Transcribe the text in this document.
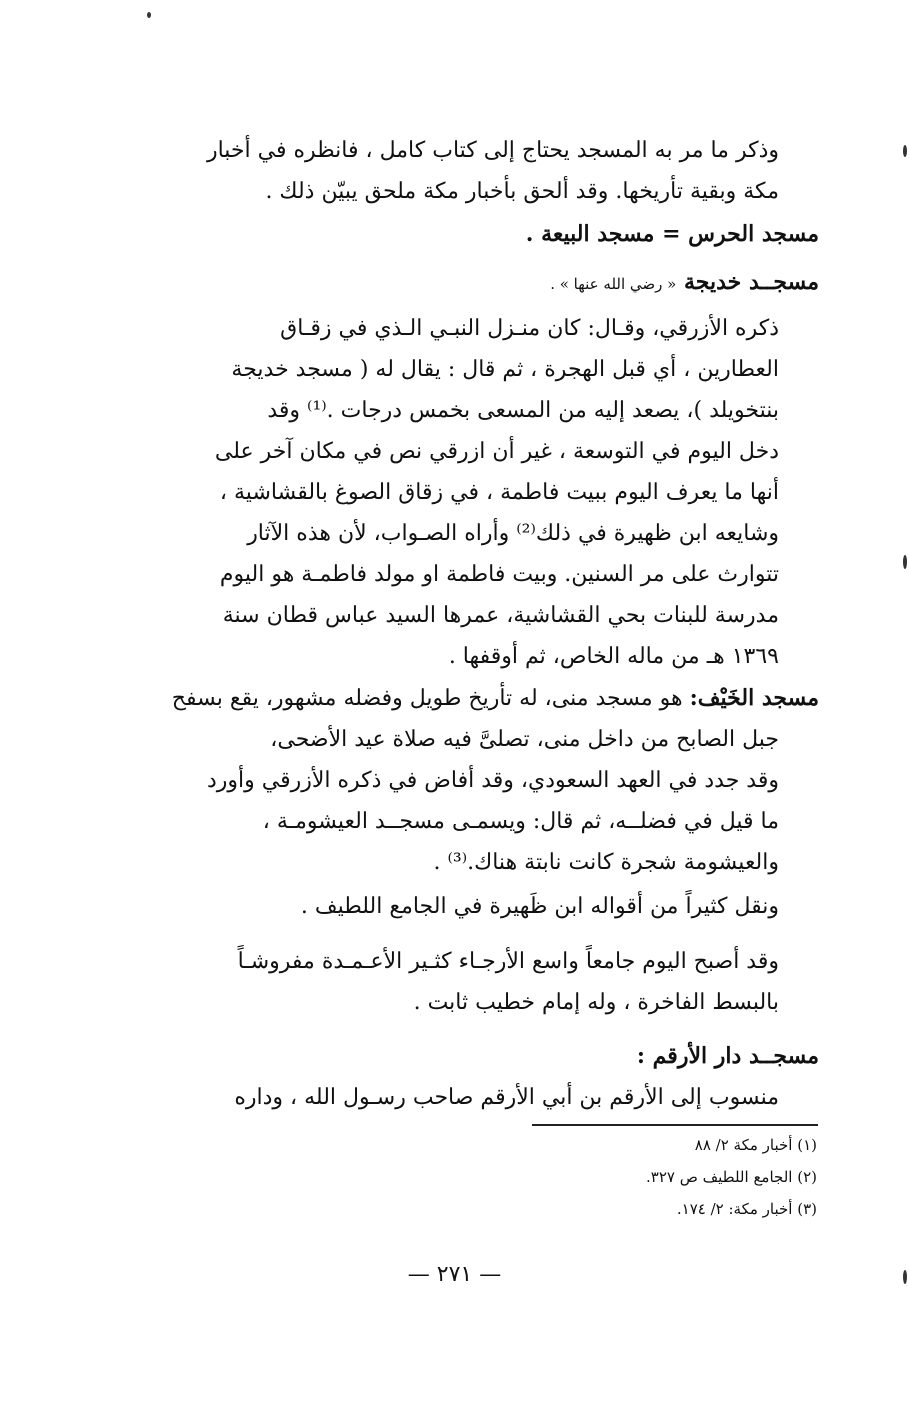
وذكر ما مر به المسجد يحتاج إلى كتاب كامل ، فانظره في أخبار
مكة وبقية تأريخها. وقد ألحق بأخبار مكة ملحق يبيّن ذلك .
مسجد الحرس = مسجد البيعة .
مسجــد خديجة « رضي الله عنها » .
ذكره الأزرقي، وقـال: كان منـزل النبـي الـذي في زقـاق
العطارين ، أي قبل الهجرة ، ثم قال : يقال له ( مسجد خديجة
بنتخويلد )، يصعد إليه من المسعى بخمس درجات .⁽¹⁾ وقد
دخل اليوم في التوسعة ، غير أن ازرقي نص في مكان آخر على
أنها ما يعرف اليوم ببيت فاطمة ، في زقاق الصوغ بالقشاشية ،
وشايعه ابن ظهيرة في ذلك⁽²⁾ وأراه الصـواب، لأن هذه الآثار
تتوارث على مر السنين. وبيت فاطمة او مولد فاطمـة هو اليوم
مدرسة للبنات بحي القشاشية، عمرها السيد عباس قطان سنة
١٣٦٩ هـ من ماله الخاص، ثم أوقفها .
مسجد الخَيْف: هو مسجد منى، له تأريخ طويل وفضله مشهور، يقع بسفح
جبل الصابح من داخل منى، تصلىَّ فيه صلاة عيد الأضحى،
وقد جدد في العهد السعودي، وقد أفاض في ذكره الأزرقي وأورد
ما قيل في فضلــه، ثم قال: ويسمـى مسجــد العيشومـة ،
والعيشومة شجرة كانت نابتة هناك.⁽³⁾ .
ونقل كثيراً من أقواله ابن ظَهيرة في الجامع اللطيف .
وقد أصبح اليوم جامعاً واسع الأرجـاء كثـير الأعـمـدة مفروشـاً
بالبسط الفاخرة ، وله إمام خطيب ثابت .
مسجــد دار الأرقم :
منسوب إلى الأرقم بن أبي الأرقم صاحب رسـول الله ، وداره
(١) أخبار مكة ٢/ ٨٨
(٢) الجامع اللطيف ص ٣٢٧.
(٣) أخبار مكة: ٢/ ١٧٤.
— ٢٧١ —
